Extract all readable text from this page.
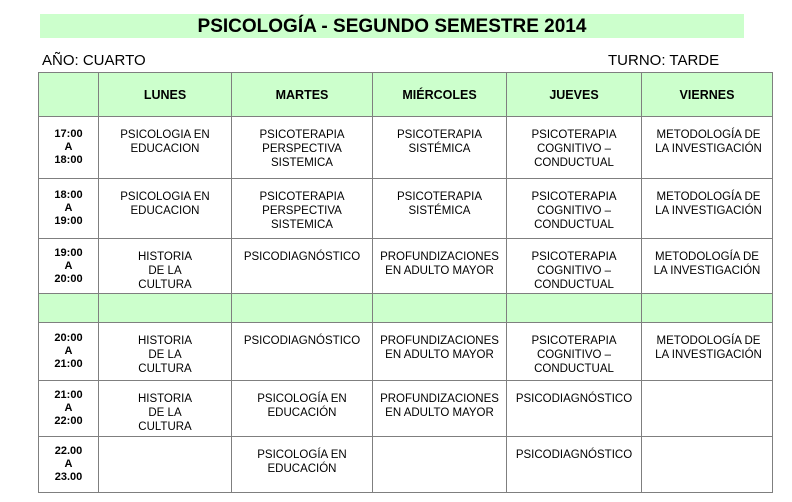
PSICOLOGÍA - SEGUNDO SEMESTRE 2014
AÑO: CUARTO	TURNO: TARDE
	LUNES	MARTES	MIÉRCOLES	JUEVES	VIERNES

17:00
A
18:00	PSICOLOGIA EN
EDUCACION	PSICOTERAPIA
PERSPECTIVA
SISTEMICA	PSICOTERAPIA
SISTÉMICA	PSICOTERAPIA
COGNITIVO –
CONDUCTUAL	METODOLOGÍA DE
LA INVESTIGACIÓN

18:00
A
19:00	PSICOLOGIA EN
EDUCACION	PSICOTERAPIA
PERSPECTIVA
SISTEMICA	PSICOTERAPIA
SISTÉMICA	PSICOTERAPIA
COGNITIVO –
CONDUCTUAL	METODOLOGÍA DE
LA INVESTIGACIÓN

19:00
A
20:00	HISTORIA
DE LA
CULTURA	PSICODIAGNÓSTICO	PROFUNDIZACIONES
EN ADULTO MAYOR	PSICOTERAPIA
COGNITIVO –
CONDUCTUAL	METODOLOGÍA DE
LA INVESTIGACIÓN

20:00
A
21:00	HISTORIA
DE LA
CULTURA	PSICODIAGNÓSTICO	PROFUNDIZACIONES
EN ADULTO MAYOR	PSICOTERAPIA
COGNITIVO –
CONDUCTUAL	METODOLOGÍA DE
LA INVESTIGACIÓN

21:00
A
22:00	HISTORIA
DE LA
CULTURA	PSICOLOGÍA EN
EDUCACIÓN	PROFUNDIZACIONES
EN ADULTO MAYOR	PSICODIAGNÓSTICO	

22.00
A
23.00		PSICOLOGÍA EN
EDUCACIÓN		PSICODIAGNÓSTICO	
